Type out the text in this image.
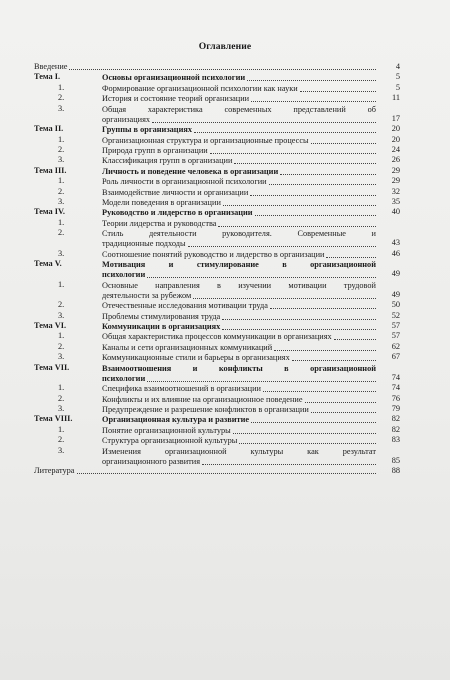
Оглавление
Введение	4
Тема I.	Основы организационной психологии	5
1.	Формирование организационной психологии как науки	5
2.	История и состояние теорий организации	11
3.	Общая характеристика современных представлений об
организациях	17
Тема II.	Группы в организациях	20
1.	Организационная структура и организационные процессы	20
2.	Природа групп в организации	24
3.	Классификация групп в организации	26
Тема III.	Личность и поведение человека в организации	29
1.	Роль личности в организационной психологии	29
2.	Взаимодействие личности и организации	32
3.	Модели поведения в организации	35
Тема IV.	Руководство и лидерство в организации	40
1.	Теории лидерства и руководства
2.	Стиль деятельности руководителя. Современные и
традиционные подходы	43
3.	Соотношение понятий руководство и лидерство в организации	46
Тема V.	Мотивация и стимулирование в организационной
психологии	49
1.	Основные направления в изучении мотивации трудовой
деятельности за рубежом	49
2.	Отечественные исследования мотивации труда	50
3.	Проблемы стимулирования труда	52
Тема VI.	Коммуникации в организациях	57
1.	Общая характеристика процессов коммуникации в организациях	57
2.	Каналы и сети организационных коммуникаций	62
3.	Коммуникационные стили и барьеры в организациях	67
Тема VII.	Взаимоотношения и конфликты в организационной
психологии	74
1.	Специфика взаимоотношений в организации	74
2.	Конфликты и их влияние на организационное поведение	76
3.	Предупреждение и разрешение конфликтов в организации	79
Тема VIII.	Организационная культура и развитие	82
1.	Понятие организационной культуры	82
2.	Структура организационной культуры	83
3.	Изменения организационной культуры как результат
организационного развития	85
Литература	88
